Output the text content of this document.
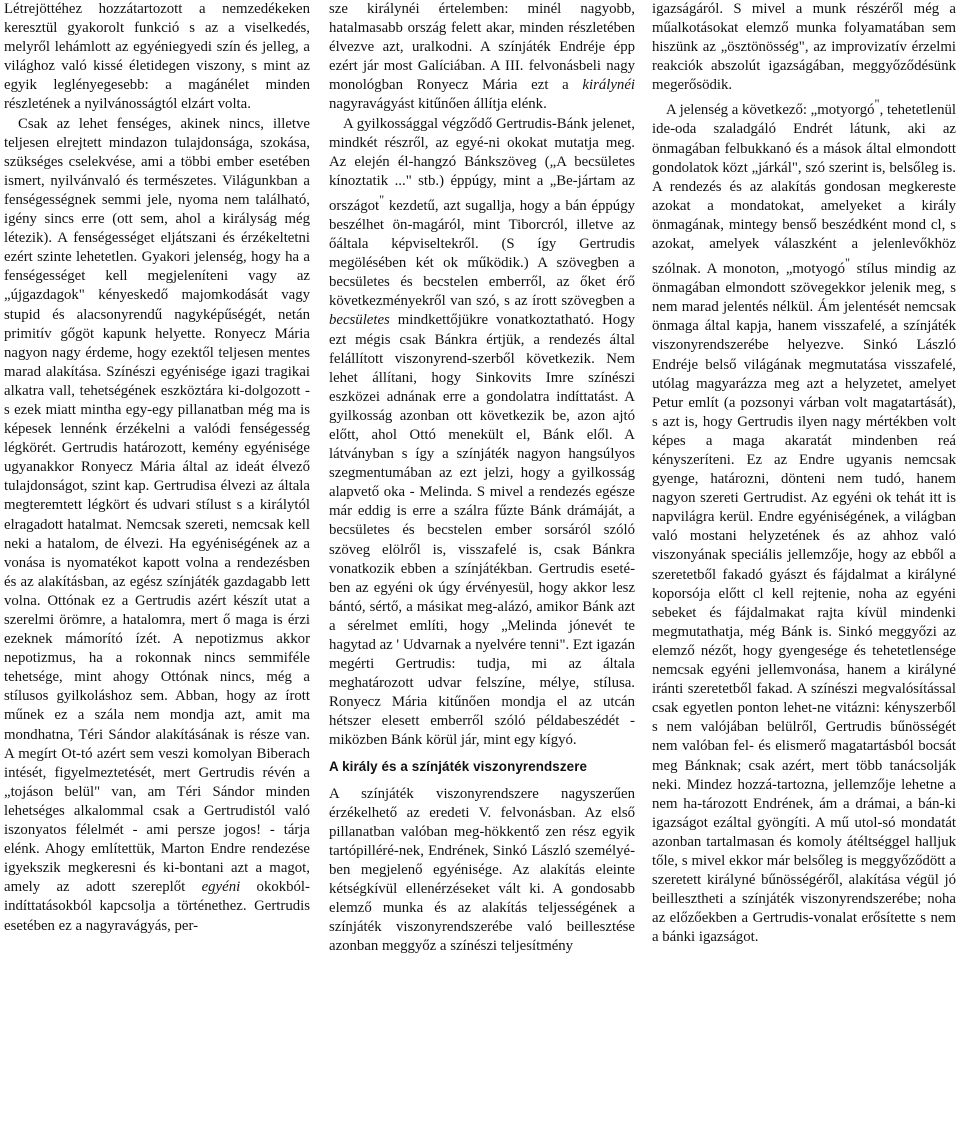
Létrejöttéhez hozzátartozott a nemzedékeken keresztül gyakorolt funkció s az a viselkedés, melyről lehámlott az egyéniegyedi szín és jelleg, a világhoz való kissé életidegen viszony, s mint az egyik leglényegesebb: a magánélet minden részletének a nyilvánosságtól elzárt volta.

Csak az lehet fenséges, akinek nincs, illetve teljesen elrejtett mindazon tulajdonsága, szokása, szükséges cselekvése, ami a többi ember esetében ismert, nyilvánvaló és természetes. Világunkban a fenségességnek semmi jele, nyoma nem található, igény sincs erre (ott sem, ahol a királyság még létezik). A fenségességet eljátszani és érzékeltetni ezért szinte lehetetlen. Gyakori jelenség, hogy ha a fenségességet kell megjeleníteni vagy az „újgazdagok" kényeskedő majomkodását vagy stupid és alacsonyrendű nagyképűségét, netán primitív gőgöt kapunk helyette. Ronyecz Mária nagyon nagy érdeme, hogy ezektől teljesen mentes marad alakítása. Színészi egyénisége igazi tragikai alkatra vall, tehetségének eszköztára ki-dolgozott - s ezek miatt mintha egy-egy pillanatban még ma is képesek lennénk érzékelni a valódi fenségesség légkörét. Gertrudis határozott, kemény egyénisége ugyanakkor Ronyecz Mária által az ideát élvező tulajdonságot, szint kap. Gertrudisa élvezi az általa megteremtett légkört és udvari stílust s a királytól elragadott hatalmat. Nemcsak szereti, nemcsak kell neki a hatalom, de élvezi. Ha egyéniségének az a vonása is nyomatékot kapott volna a rendezésben és az alakításban, az egész színjáték gazdagabb lett volna. Ottónak ez a Gertrudis azért készít utat a szerelmi örömre, a hatalomra, mert ő maga is érzi ezeknek mámorító ízét. A nepotizmus akkor nepotizmus, ha a rokonnak nincs semmiféle tehetsége, mint ahogy Ottónak nincs, még a stílusos gyilkoláshoz sem. Abban, hogy az írott műnek ez a szála nem mondja azt, amit ma mondhatna, Téri Sándor alakításának is része van. A megírt Ot-tó azért sem veszi komolyan Biberach intését, figyelmeztetését, mert Gertrudis révén a „tojáson belül" van, am Téri Sándor minden lehetséges alkalommal csak a Gertrudistól való iszonyatos félelmét - ami persze jogos! - tárja elénk. Ahogy említettük, Marton Endre rendezése igyekszik megkeresni és ki-bontani azt a magot, amely az adott szereplőt egyéni okokból-indíttatásokból kapcsolja a történethez. Gertrudis esetében ez a nagyravágyás, per-

sze királynéi értelemben: minél nagyobb, hatalmasabb ország felett akar, minden részletében élvezve azt, uralkodni. A színjáték Endréje épp ezért jár most Galíciában. A III. felvonásbeli nagy monológban Ronyecz Mária ezt a királynéi nagyravágyást kitűnően állítja elénk.

A gyilkossággal végződő Gertrudis-Bánk jelenet, mindkét részről, az egyé-ni okokat mutatja meg. Az elején él-hangzó Bánkszöveg („A becsületes kínoztatik ..." stb.) éppúgy, mint a „Be-jártam az országot" kezdetű, azt sugallja, hogy a bán éppúgy beszélhet ön-magáról, mint Tiborcról, illetve az őáltala képviseltekről. (S így Gertrudis megölésében két ok működik.) A szövegben a becsületes és becstelen emberről, az őket érő következményekről van szó, s az írott szövegben a becsületes mindkettőjükre vonatkoztatható. Hogy ezt mégis csak Bánkra értjük, a rendezés által felállított viszonyrend-szerből következik. Nem lehet állítani, hogy Sinkovits Imre színészi eszközei adnának erre a gondolatra indíttatást. A gyilkosság azonban ott következik be, azon ajtó előtt, ahol Ottó menekült el, Bánk elől. A látványban s így a színjáték nagyon hangsúlyos szegmentumában az ezt jelzi, hogy a gyilkosság alapvető oka - Melinda. S mivel a rendezés egésze már eddig is erre a szálra fűzte Bánk drámáját, a becsületes és becstelen ember sorsáról szóló szöveg elölről is, visszafelé is, csak Bánkra vonatkozik ebben a színjátékban. Gertrudis eseté-ben az egyéni ok úgy érvényesül, hogy akkor lesz bántó, sértő, a másikat meg-alázó, amikor Bánk azt a sérelmet említi, hogy „Melinda jónevét te hagytad az ' Udvarnak a nyelvére tenni". Ezt igazán megérti Gertrudis: tudja, mi az általa meghatározott udvar felszíne, mélye, stílusa. Ronyecz Mária kitűnően mondja el az utcán hétszer elesett emberről szóló példabeszédét - miközben Bánk körül jár, mint egy kígyó.

A király és a színjáték viszonyrendszere

A színjáték viszonyrendszere nagyszerűen érzékelhető az eredeti V. felvonásban. Az első pillanatban valóban meg-hökkentő zen rész egyik tartópilléré-nek, Endrének, Sinkó László személyé-ben megjelenő egyénisége. Az alakítás eleinte kétségkívül ellenérzéseket vált ki. A gondosabb elemző munka és az alakítás teljességének a színjáték viszonyrendszerébe való beillesztése azonban meggyőz a színészi teljesítmény

igazságáról. S mivel a munk részéről még a műalkotásokat elemző munka folyamatában sem hiszünk az „ösztönösség", az improvizatív érzelmi reakciók abszolút igazságában, meggyőződésünk megerősödik.

A jelenség a következő: „motyorgó", tehetetlenül ide-oda szaladgáló Endrét látunk, aki az önmagában felbukkanó és a mások által elmondott gondolatok közt „járkál", szó szerint is, belsőleg is. A rendezés és az alakítás gondosan megkereste azokat a mondatokat, amelyeket a király önmagának, mintegy benső beszédként mond cl, s azokat, amelyek válaszként a jelenlevőkhöz szólnak. A monoton, „motyogó" stílus mindig az önmagában elmondott szövegekkor jelenik meg, s nem marad jelentés nélkül. Ám jelentését nemcsak önmaga által kapja, hanem visszafelé, a színjáték viszonyrendszerébe helyezve. Sinkó László Endréje belső világának megmutatása visszafelé, utólag magyarázza meg azt a helyzetet, amelyet Petur említ (a pozsonyi várban volt magatartását), s azt is, hogy Gertrudis ilyen nagy mértékben volt képes a maga akaratát mindenben reá kényszeríteni. Ez az Endre ugyanis nemcsak gyenge, határozni, dönteni nem tudó, hanem nagyon szereti Gertrudist. Az egyéni ok tehát itt is napvilágra kerül. Endre egyéniségének, a világban való mostani helyzetének és az ahhoz való viszonyának speciális jellemzője, hogy az ebből a szeretetből fakadó gyászt és fájdalmat a királyné koporsója előtt cl kell rejtenie, noha az egyéni sebeket és fájdalmakat rajta kívül mindenki megmutathatja, még Bánk is. Sinkó meggyőzi az elemző nézőt, hogy gyengesége és tehetetlensége nemcsak egyéni jellemvonása, hanem a királyné iránti szeretetből fakad. A színészi megvalósítással csak egyetlen ponton lehet-ne vitázni: kényszerből s nem valójában belülről, Gertrudis bűnösségét nem valóban fel- és elismerő magatartásból bocsát meg Bánknak; csak azért, mert több tanácsolják neki. Mindez hozzá-tartozna, jellemzője lehetne a nem ha-tározott Endrének, ám a drámai, a bán-ki igazságot ezáltal gyöngíti. A mű utol-só mondatát azonban tartalmasan és komoly átéltséggel halljuk tőle, s mivel ekkor már belsőleg is meggyőződött a szeretett királyné bűnösségéről, alakítása végül jó beillesztheti a színjáték viszonyrendszerébe; noha az előzőekben a Gertrudis-vonalat erősítette s nem a bánki igazságot.
